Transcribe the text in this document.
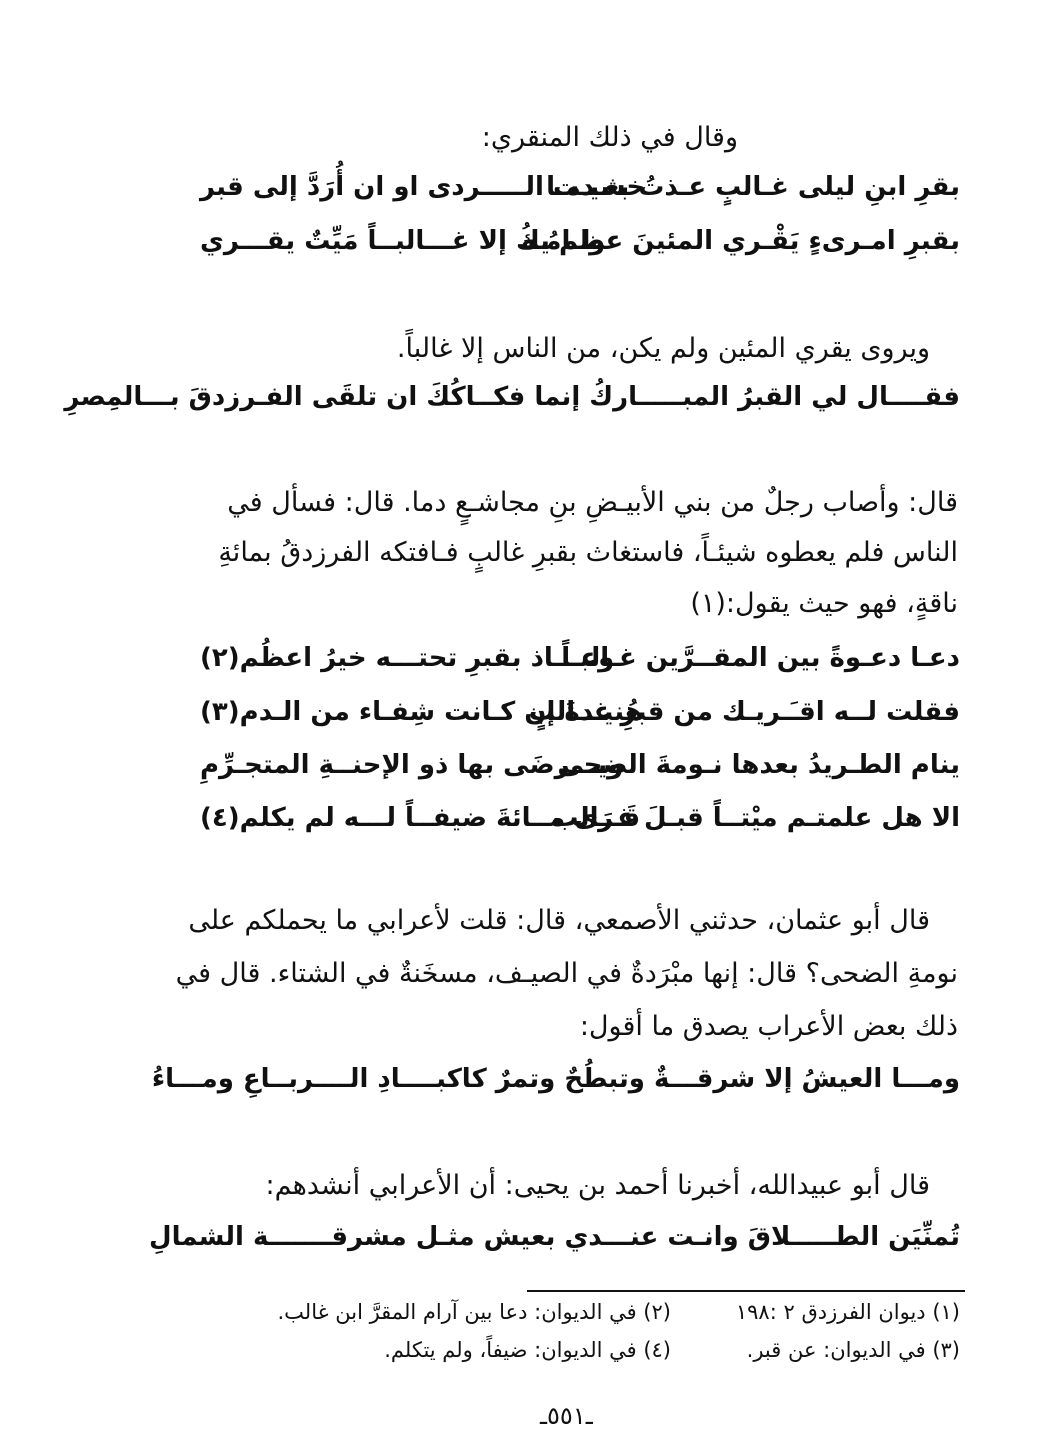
وقال في ذلك المنقري:
بقرِ ابنِ ليلى غـالبٍ عـذتُ بعـدمـا
خشيـت الـــــردى او ان أُرَدَّ إلى قبر
بقبرِ امـرىءٍ يَقْـري المئينَ عظـامُـه
ولم يكُ إلا غـــالبــاً مَيِّتٌ يقـــري
ويروى يقري المئين ولم يكن، من الناس إلا غالباً.
فقــــال لي القبرُ المبـــــاركُ إنما فكــاكُكَ ان تلقَى الفـرزدقَ بـــالمِصرِ
قال: وأصاب رجلٌ من بني الأبيـضِ بنِ مجاشـعٍ دما. قال: فسأل في
الناس فلم يعطوه شيئـاً، فاستغاث بقبرِ غالبٍ فـافتكه الفرزدقُ بمائةِ
ناقةٍ، فهو حيث يقول:(١)
دعـا دعـوةً بين المقــرَّين غـالبـاً
وعـــاذ بقبرِ تحتـــه خيرُ اعظُم(٢)
فقلت لــه اقـَـريـك من قبرِ غــالبٍ
هُنيـدةَ إن كـانت شِفـاء من الـدم(٣)
ينام الطـريدُ بعدها نـومةَ الضحى
ويـــرضَى بها ذو الإحنــةِ المتجـرِّمِ
الا هل علمتـم ميْتــاً قبـلَ غــالب
قَـرَى مــائةَ ضيفــاً لـــه لم يكلم(٤)
قال أبو عثمان، حدثني الأصمعي، قال: قلت لأعرابي ما يحملكم على
نومةِ الضحى؟ قال: إنها مبْرَدةٌ في الصيـف، مسخَنةٌ في الشتاء. قال في
ذلك بعض الأعراب يصدق ما أقول:
ومـــا العيشُ إلا شرقـــةٌ وتبطُحٌ وتمرٌ كاكبــــادِ الــــربــاعِ ومـــاءُ
قال أبو عبيدالله، أخبرنا أحمد بن يحيى: أن الأعرابي أنشدهم:
تُمنِّيَن الطـــــلاقَ وانـت عنـــدي بعيش مثـل مشرقـــــــة الشمالِ
(١) ديوان الفرزدق ٢ :١٩٨
(٢) في الديوان: دعا بين آرام المقرَّ ابن غالب.
(٣) في الديوان: عن قبر.
(٤) في الديوان: ضيفاً، ولم يتكلم.
ـ٥٥١ـ
